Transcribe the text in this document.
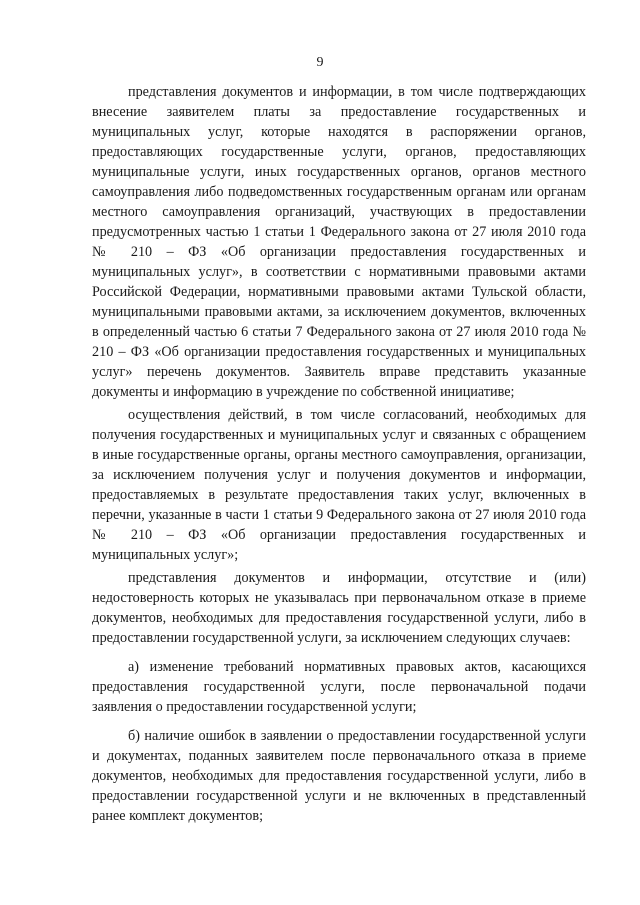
9

представления документов и информации, в том числе подтверждающих внесение заявителем платы за предоставление государственных и муниципальных услуг, которые находятся в распоряжении органов, предоставляющих государственные услуги, органов, предоставляющих муниципальные услуги, иных государственных органов, органов местного самоуправления либо подведомственных государственным органам или органам местного самоуправления организаций, участвующих в предоставлении предусмотренных частью 1 статьи 1 Федерального закона от 27 июля 2010 года № 210 – ФЗ «Об организации предоставления государственных и муниципальных услуг», в соответствии с нормативными правовыми актами Российской Федерации, нормативными правовыми актами Тульской области, муниципальными правовыми актами, за исключением документов, включенных в определенный частью 6 статьи 7 Федерального закона от 27 июля 2010 года № 210 – ФЗ «Об организации предоставления государственных и муниципальных услуг» перечень документов. Заявитель вправе представить указанные документы и информацию в учреждение по собственной инициативе;

осуществления действий, в том числе согласований, необходимых для получения государственных и муниципальных услуг и связанных с обращением в иные государственные органы, органы местного самоуправления, организации, за исключением получения услуг и получения документов и информации, предоставляемых в результате предоставления таких услуг, включенных в перечни, указанные в части 1 статьи 9 Федерального закона от 27 июля 2010 года № 210 – ФЗ «Об организации предоставления государственных и муниципальных услуг»;

представления документов и информации, отсутствие и (или) недостоверность которых не указывалась при первоначальном отказе в приеме документов, необходимых для предоставления государственной услуги, либо в предоставлении государственной услуги, за исключением следующих случаев:

а) изменение требований нормативных правовых актов, касающихся предоставления государственной услуги, после первоначальной подачи заявления о предоставлении государственной услуги;

б) наличие ошибок в заявлении о предоставлении государственной услуги и документах, поданных заявителем после первоначального отказа в приеме документов, необходимых для предоставления государственной услуги, либо в предоставлении государственной услуги и не включенных в представленный ранее комплект документов;
